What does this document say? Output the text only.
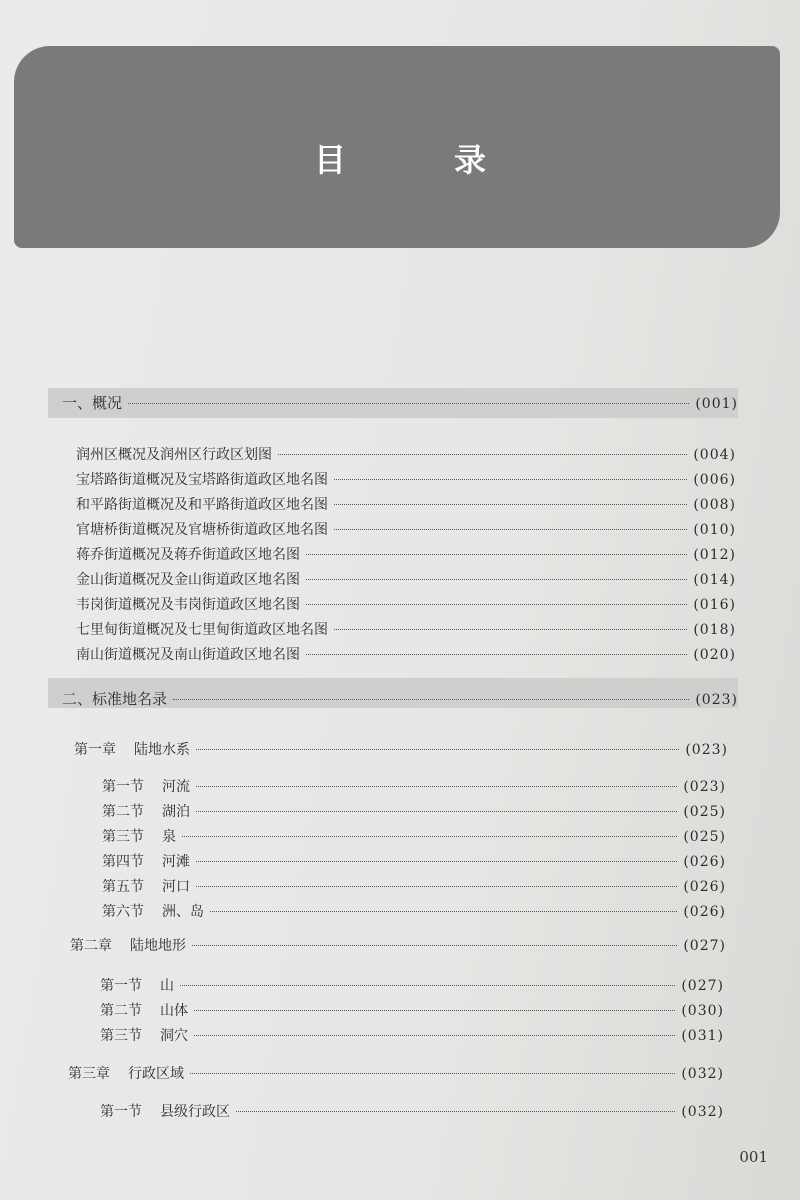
目　录
一、概况	(001)
润州区概况及润州区行政区划图	(004)
宝塔路街道概况及宝塔路街道政区地名图	(006)
和平路街道概况及和平路街道政区地名图	(008)
官塘桥街道概况及官塘桥街道政区地名图	(010)
蒋乔街道概况及蒋乔街道政区地名图	(012)
金山街道概况及金山街道政区地名图	(014)
韦岗街道概况及韦岗街道政区地名图	(016)
七里甸街道概况及七里甸街道政区地名图	(018)
南山街道概况及南山街道政区地名图	(020)
二、标准地名录	(023)
第一章 陆地水系	(023)
第一节 河流	(023)
第二节 湖泊	(025)
第三节 泉	(025)
第四节 河滩	(026)
第五节 河口	(026)
第六节 洲、岛	(026)
第二章 陆地地形	(027)
第一节 山	(027)
第二节 山体	(030)
第三节 洞穴	(031)
第三章 行政区域	(032)
第一节 县级行政区	(032)
001
